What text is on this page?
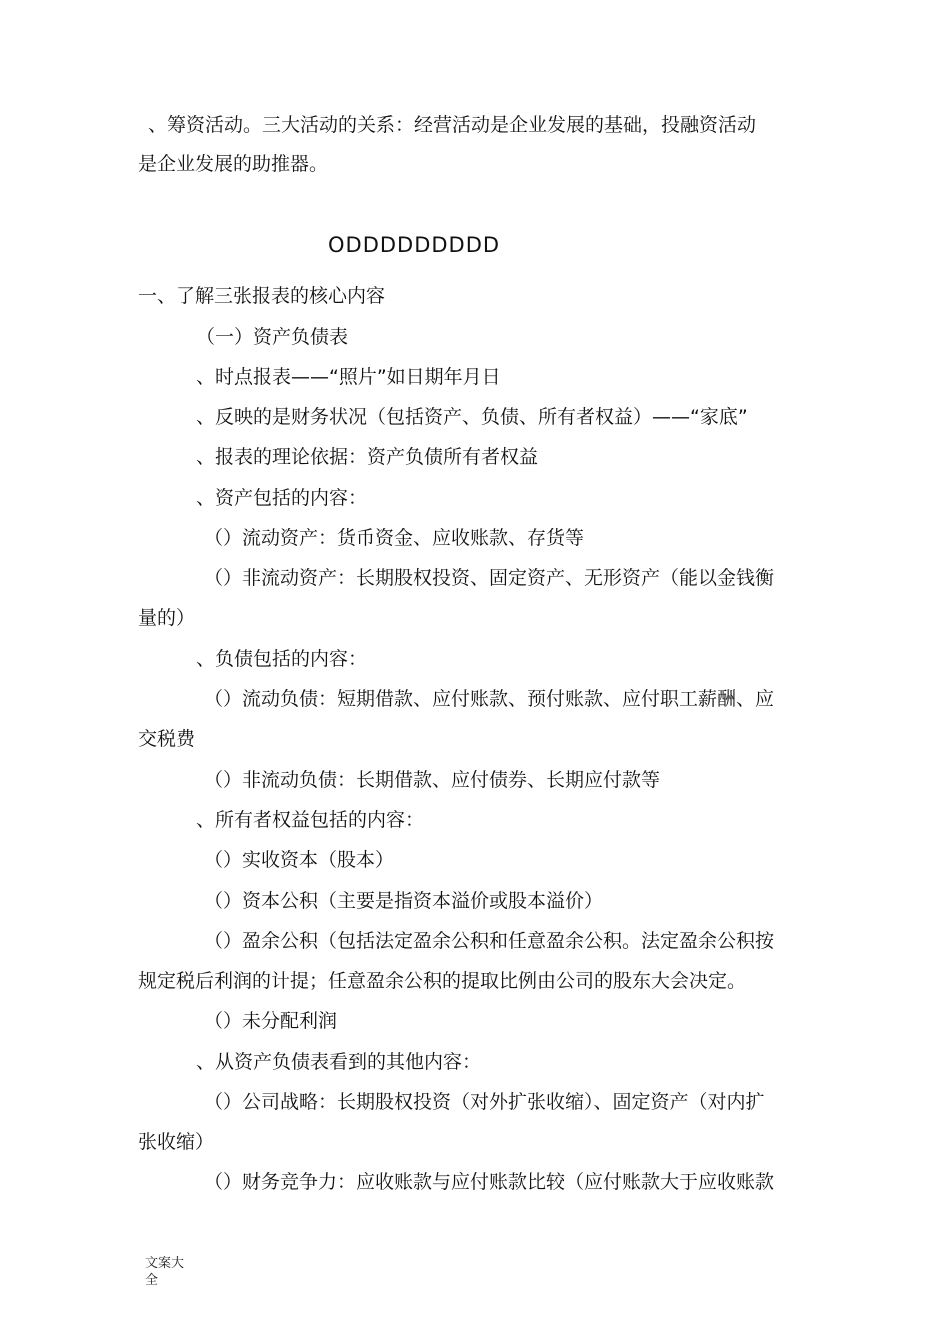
、筹资活动。三大活动的关系：经营活动是企业发展的基础，投融资活动
是企业发展的助推器。
ODDDDDDDDD
一、了解三张报表的核心内容
（一）资产负债表
、时点报表——“照片”如日期年月日
、反映的是财务状况（包括资产、负债、所有者权益）——“家底”
、报表的理论依据：资产负债所有者权益
、资产包括的内容：
（）流动资产：货币资金、应收账款、存货等
（）非流动资产：长期股权投资、固定资产、无形资产（能以金钱衡
量的）
、负债包括的内容：
（）流动负债：短期借款、应付账款、预付账款、应付职工薪酬、应
交税费
（）非流动负债：长期借款、应付债券、长期应付款等
、所有者权益包括的内容：
（）实收资本（股本）
（）资本公积（主要是指资本溢价或股本溢价）
（）盈余公积（包括法定盈余公积和任意盈余公积。法定盈余公积按
规定税后利润的计提；任意盈余公积的提取比例由公司的股东大会决定。
（）未分配利润
、从资产负债表看到的其他内容：
（）公司战略：长期股权投资（对外扩张收缩）、固定资产（对内扩
张收缩）
（）财务竞争力：应收账款与应付账款比较（应付账款大于应收账款
文案大
全
